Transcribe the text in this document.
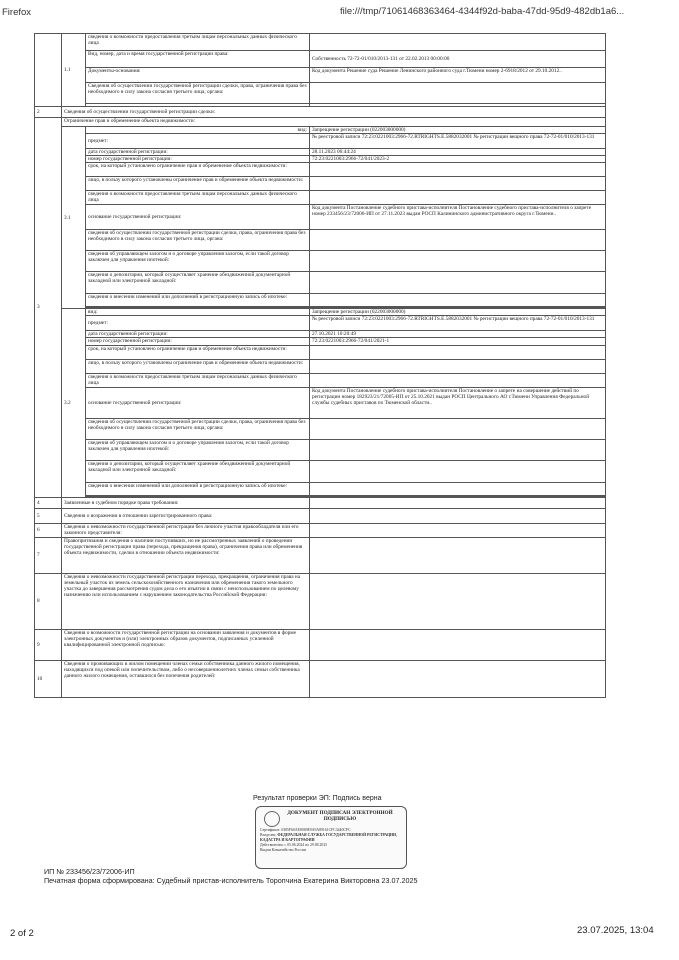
Firefox	file:///tmp/71061468363464-4344f92d-baba-47dd-95d9-482db1a6...
	1.1	сведения о возможности предоставления третьим лицам персональных данных физического лица	
		Вид, номер, дата и время государственной регистрации права:	Собственность 72-72-01/010/2013-131 от 22.02.2013 00:00:00
		Документы-основания:	Код документа Решение суда Решение Ленинского районного суда г.Тюмени номер 2-6918/2012 от 29.10.2012..
		Сведения об осуществлении государственной регистрации сделки, права, ограничения права без необходимого в силу закона согласия третьего лица, органа:	

2	Сведения об осуществлении государственной регистрации сделки:		
3	Ограничение прав и обременение объекта недвижимости:		
	3.1	вид:	Запрещение регистрации (022003000000)
		предмет:	№ реестровой записи 72:23:0221003:2966-72.RTRIGHTS.E.5882032001 № регистрации вещного права 72-72-01/010/2013-131
		дата государственной регистрации:	28.11.2023 06:44:24
		номер государственной регистрации:	72:23:0221003:2966-72/041/2023-2
		срок, на который установлено ограничение прав и обременение объекта недвижимости:	
		лицо, в пользу которого установлены ограничение прав и обременение объекта недвижимости:	
		сведения о возможности предоставления третьим лицам персональных данных физического лица	
		основание государственной регистрации:	Код документа Постановление судебного пристава-исполнителя Постановление судебного пристава-исполнителя о запрете номер 233456/23/72006-ИП от 27.11.2023 выдан РОСП Калининского административного округа г.Тюмени..
		сведения об осуществлении государственной регистрации сделки, права, ограничения права без необходимого в силу закона согласия третьего лица, органа:	
		сведения об управляющем залогом и о договоре управления залогом, если такой договор заключен для управления ипотекой:	
		сведения о депозитарии, который осуществляет хранение обездвиженной документарной закладной или электронной закладной:	
		сведения о внесении изменений или дополнений в регистрационную запись об ипотеке:	

	3.2	вид:	Запрещение регистрации (022003000000)
		предмет:	№ реестровой записи 72:23:0221003:2966-72.RTRIGHTS.E.5882032001 № регистрации вещного права 72-72-01/010/2013-131
		дата государственной регистрации:	27.10.2021 10:20:49
		номер государственной регистрации:	72:23:0221003:2966-72/041/2021-1
		срок, на который установлено ограничение прав и обременение объекта недвижимости:	
		лицо, в пользу которого установлены ограничение прав и обременение объекта недвижимости:	
		сведения о возможности предоставления третьим лицам персональных данных физического лица	
		основание государственной регистрации:	Код документа Постановление судебного пристава-исполнителя Постановление о запрете на совершение действий по регистрации номер 182923/21/72005-ИП от 25.10.2021 выдан РОСП Центрального АО г.Тюмени Управления Федеральной службы судебных приставов по Тюменской области..
		сведения об осуществлении государственной регистрации сделки, права, ограничения права без необходимого в силу закона согласия третьего лица, органа:	
		сведения об управляющем залогом и о договоре управления залогом, если такой договор заключен для управления ипотекой:	
		сведения о депозитарии, который осуществляет хранение обездвиженной документарной закладной или электронной закладной:	
		сведения о внесении изменений или дополнений в регистрационную запись об ипотеке:	

4	Заявленные в судебном порядке права требования:		
5	Сведения о возражении в отношении зарегистрированного права:		
6	Сведения о невозможности государственной регистрации без личного участия правообладателя или его законного представителя:		
7	Правопритязания и сведения о наличии поступивших, но не рассмотренных заявлений о проведении государственной регистрации права (перехода, прекращения права), ограничения права или обременения объекта недвижимости, сделки в отношении объекта недвижимости:		
8	Сведения о невозможности государственной регистрации перехода, прекращения, ограничения права на земельный участок из земель сельскохозяйственного назначения или обременения такого земельного участка до завершения рассмотрения судом дела о его изъятии в связи с неиспользованием по целевому назначению или использованием с нарушением законодательства Российской Федерации:		
9	Сведения о возможности государственной регистрации на основании заявления и документов в форме электронных документов и (или) электронных образов документов, подписанных усиленной квалифицированной электронной подписью:		
10	Сведения о проживающих в жилом помещении членах семьи собственника данного жилого помещения, находящихся под опекой или попечительством, либо о несовершеннолетних членах семьи собственника данного жилого помещения, оставшихся без попечения родителей:		
Результат проверки ЭП: Подпись верна
ДОКУМЕНТ ПОДПИСАН ЭЛЕКТРОННОЙ ПОДПИСЬЮ
Сертификат: 0385F60AE8069E9A9A89161CFC3440CFC
Владелец: ФЕДЕРАЛЬНАЯ СЛУЖБА ГОСУДАРСТВЕННОЙ РЕГИСТРАЦИИ, КАДАСТРА И КАРТОГРАФИИ
Действителен: с 05.06.2024 по 29.08.2025
Выдан Казначейство России
ИП № 233456/23/72006-ИП
Печатная форма сформирована: Судебный пристав-исполнитель Торопчина Екатерина Викторовна 23.07.2025
2 of 2	23.07.2025, 13:04
